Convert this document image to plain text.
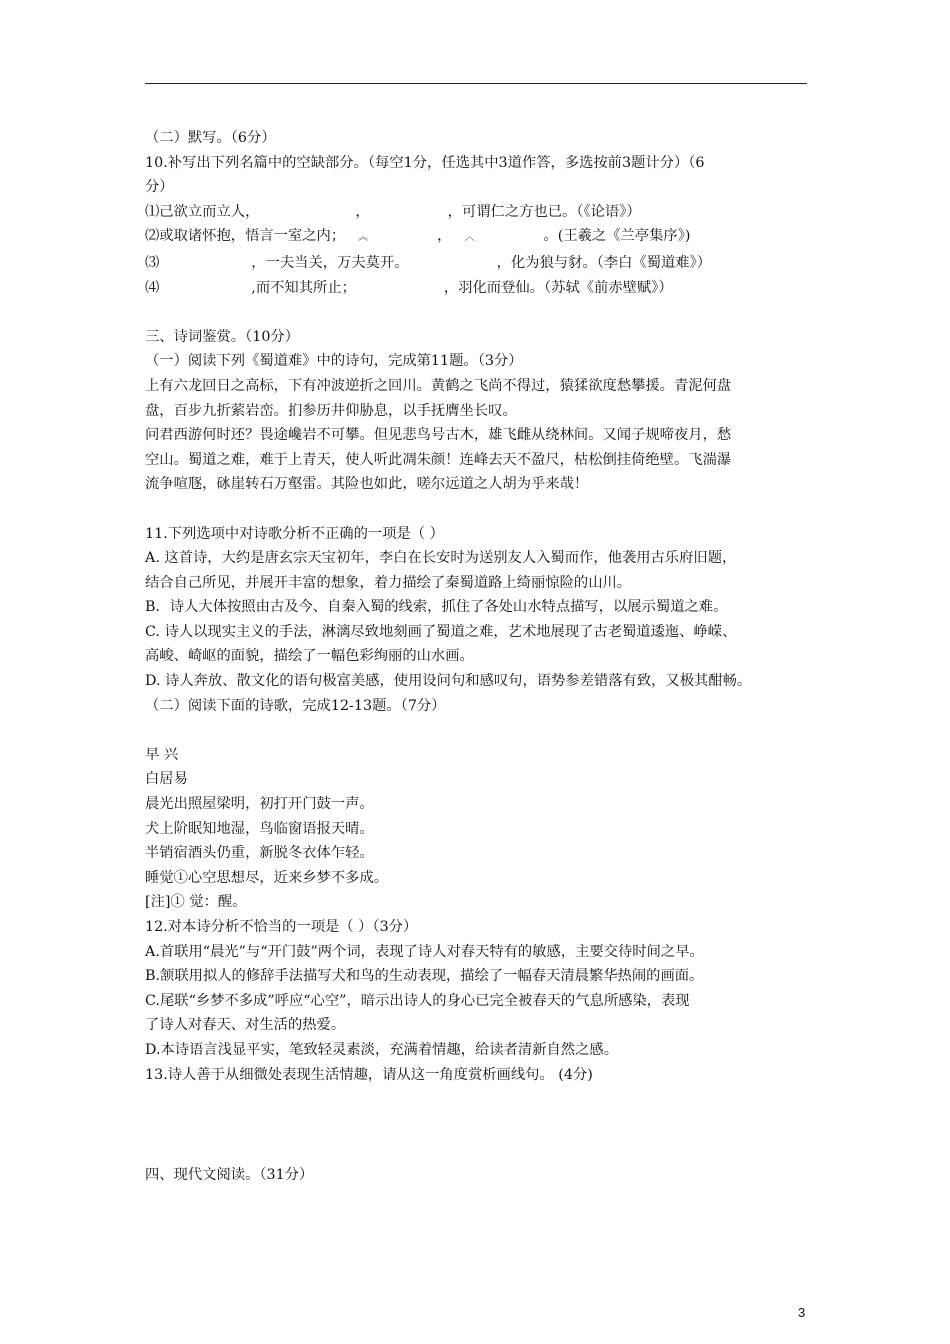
（二）默写。（6分）

10.补写出下列名篇中的空缺部分。（每空1分，任选其中3道作答，多选按前3题计分）（6

分）

⑴己欲立而立人，	，	，可谓仁之方也已。（《论语》）

⑵或取诸怀抱，悟言一室之内； ︽	， ︿	。(王羲之《兰亭集序》)

⑶	，一夫当关，万夫莫开。	，化为狼与豺。（李白《蜀道难》）

⑷	,而不知其所止；	，羽化而登仙。（苏轼《前赤壁赋》）

三、诗词鉴赏。（10分）

（一）阅读下列《蜀道难》中的诗句，完成第11题。（3分）

上有六龙回日之高标，下有冲波逆折之回川。黄鹤之飞尚不得过，猿猱欲度愁攀援。青泥何盘

盘，百步九折萦岩峦。扪参历井仰胁息，以手抚膺坐长叹。

问君西游何时还？畏途巉岩不可攀。但见悲鸟号古木，雄飞雌从绕林间。又闻子规啼夜月，愁

空山。蜀道之难，难于上青天，使人听此凋朱颜！连峰去天不盈尺，枯松倒挂倚绝壁。飞湍瀑

流争喧豗，砯崖转石万壑雷。其险也如此，嗟尔远道之人胡为乎来哉！

11.下列选项中对诗歌分析不正确的一项是（ ）

A. 这首诗，大约是唐玄宗天宝初年，李白在长安时为送别友人入蜀而作，他袭用古乐府旧题，

结合自己所见，并展开丰富的想象，着力描绘了秦蜀道路上绮丽惊险的山川。

B．诗人大体按照由古及今、自秦入蜀的线索，抓住了各处山水特点描写，以展示蜀道之难。

C. 诗人以现实主义的手法，淋漓尽致地刻画了蜀道之难，艺术地展现了古老蜀道逶迤、峥嵘、

高峻、崎岖的面貌，描绘了一幅色彩绚丽的山水画。

D. 诗人奔放、散文化的语句极富美感，使用设问句和感叹句，语势参差错落有致，又极其酣畅。

（二）阅读下面的诗歌，完成12-13题。（7分）

早 兴

白居易

晨光出照屋梁明，初打开门鼓一声。

犬上阶眠知地湿，鸟临窗语报天晴。

半销宿酒头仍重，新脱冬衣体乍轻。

睡觉①心空思想尽，近来乡梦不多成。

[注]① 觉：醒。

12.对本诗分析不恰当的一项是（ ）（3分）

A.首联用“晨光”与“开门鼓”两个词，表现了诗人对春天特有的敏感，主要交待时间之早。

B.颔联用拟人的修辞手法描写犬和鸟的生动表现，描绘了一幅春天清晨繁华热闹的画面。

C.尾联“乡梦不多成”呼应“心空”，暗示出诗人的身心已完全被春天的气息所感染，表现

了诗人对春天、对生活的热爱。

D.本诗语言浅显平实，笔致轻灵素淡，充满着情趣，给读者清新自然之感。

13.诗人善于从细微处表现生活情趣，请从这一角度赏析画线句。 (4分)

四、现代文阅读。（31分）

3
